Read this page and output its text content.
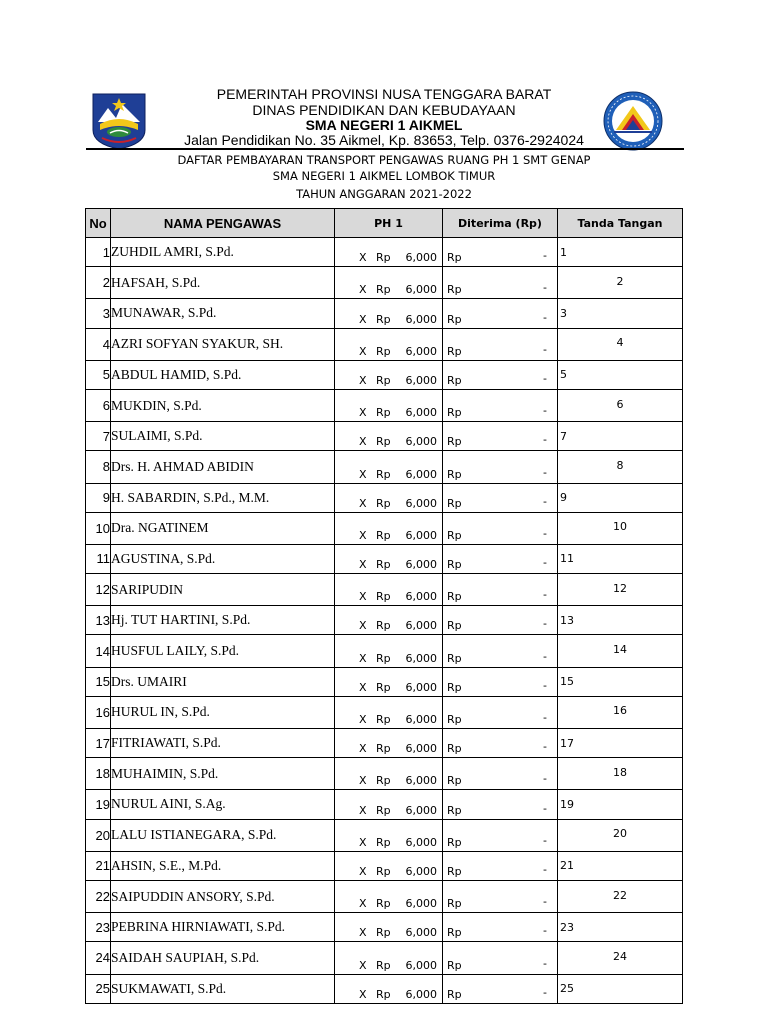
PEMERINTAH PROVINSI NUSA TENGGARA BARAT
DINAS PENDIDIKAN DAN KEBUDAYAAN
SMA NEGERI 1 AIKMEL
Jalan Pendidikan No. 35 Aikmel, Kp. 83653, Telp. 0376-2924024
DAFTAR PEMBAYARAN TRANSPORT PENGAWAS RUANG PH 1 SMT GENAP
SMA NEGERI 1 AIKMEL LOMBOK TIMUR
TAHUN ANGGARAN 2021-2022
No	NAMA PENGAWAS	PH 1	Diterima (Rp)	Tanda Tangan
1	ZUHDIL AMRI, S.Pd.	X Rp 6,000	Rp -	1
2	HAFSAH, S.Pd.	X Rp 6,000	Rp -	2
3	MUNAWAR, S.Pd.	X Rp 6,000	Rp -	3
4	AZRI SOFYAN SYAKUR, SH.	X Rp 6,000	Rp -	4
5	ABDUL HAMID, S.Pd.	X Rp 6,000	Rp -	5
6	MUKDIN, S.Pd.	X Rp 6,000	Rp -	6
7	SULAIMI, S.Pd.	X Rp 6,000	Rp -	7
8	Drs. H. AHMAD ABIDIN	X Rp 6,000	Rp -	8
9	H. SABARDIN, S.Pd., M.M.	X Rp 6,000	Rp -	9
10	Dra. NGATINEM	X Rp 6,000	Rp -	10
11	AGUSTINA, S.Pd.	X Rp 6,000	Rp -	11
12	SARIPUDIN	X Rp 6,000	Rp -	12
13	Hj. TUT HARTINI, S.Pd.	X Rp 6,000	Rp -	13
14	HUSFUL LAILY, S.Pd.	X Rp 6,000	Rp -	14
15	Drs. UMAIRI	X Rp 6,000	Rp -	15
16	HURUL IN, S.Pd.	X Rp 6,000	Rp -	16
17	FITRIAWATI, S.Pd.	X Rp 6,000	Rp -	17
18	MUHAIMIN, S.Pd.	X Rp 6,000	Rp -	18
19	NURUL AINI, S.Ag.	X Rp 6,000	Rp -	19
20	LALU ISTIANEGARA, S.Pd.	X Rp 6,000	Rp -	20
21	AHSIN, S.E., M.Pd.	X Rp 6,000	Rp -	21
22	SAIPUDDIN ANSORY, S.Pd.	X Rp 6,000	Rp -	22
23	PEBRINA HIRNIAWATI, S.Pd.	X Rp 6,000	Rp -	23
24	SAIDAH SAUPIAH, S.Pd.	X Rp 6,000	Rp -	24
25	SUKMAWATI, S.Pd.	X Rp 6,000	Rp -	25
